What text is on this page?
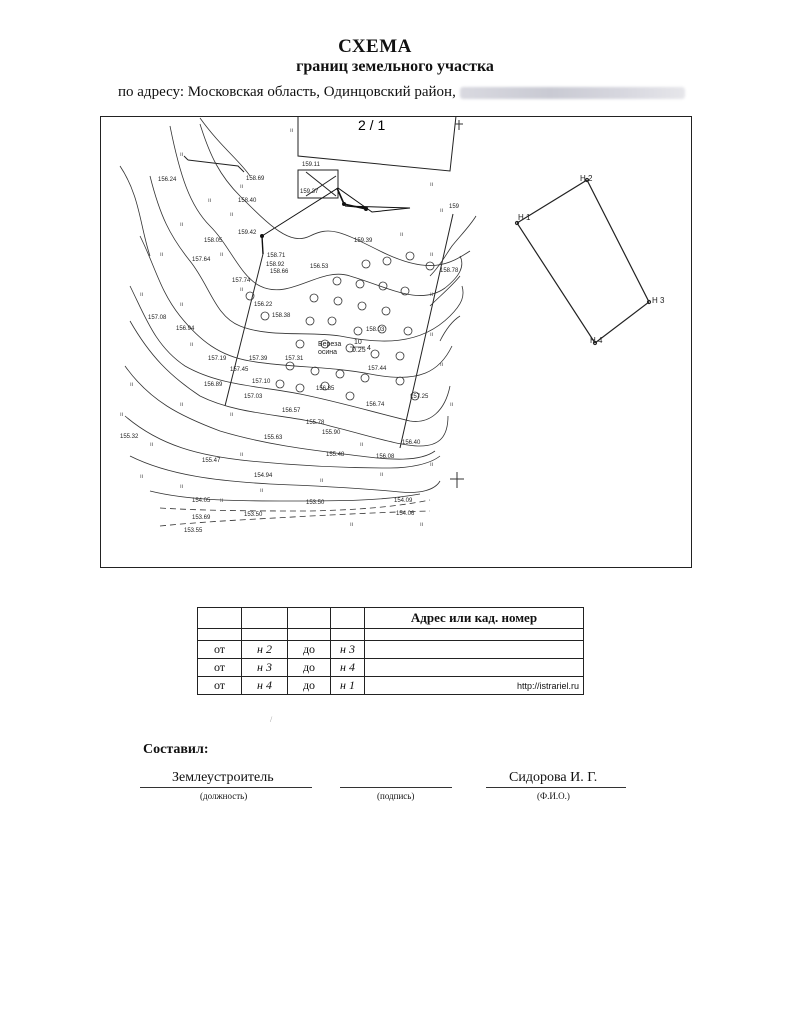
СХЕМА
границ земельного участка
по адресу: Московская область, Одинцовский район,
2 / 1
156.24	158.69
159.11
159.37
158.40
159.42
158.05
158.71
158.92
158.66
159.39
156.53
158.78
157.64
157.74
156.22
157.08
156.94
158.38
158.03
157.19	157.39	157.31
157.45	157.44
156.89	157.10
157.03
156.85
156.74
157.25
156.57
155.78
155.32	155.63
155.90
155.47
155.48	156.08
156.40
154.94
154.05	154.09
153.69	153.50
153.50
154.06
153.55
159
Береза
осина
10
0.25 4
ıı
ıı
ıı
ıı
ıı
ıı
ıı
ıı
ıı
ıı	ıı	ıı
ıı
ıı
ıı
ıı
ıı
ıı
ıı
ıı
ıı
ıı
ıı
ıı
ıı
ıı
ıı
ıı
ıı
ıı
ıı
ıı
ıı
ıı
ıı
ıı
Н 1
Н 2
Н 3
Н 4
				Адрес или кад. номер

от	н 2	до	н 3	
от	н 3	до	н 4	
от	н 4	до	н 1	http://istrariel.ru
/
Составил:
Землеустроитель	Сидорова И. Г.
(должность)	(подпись)	(Ф.И.О.)
